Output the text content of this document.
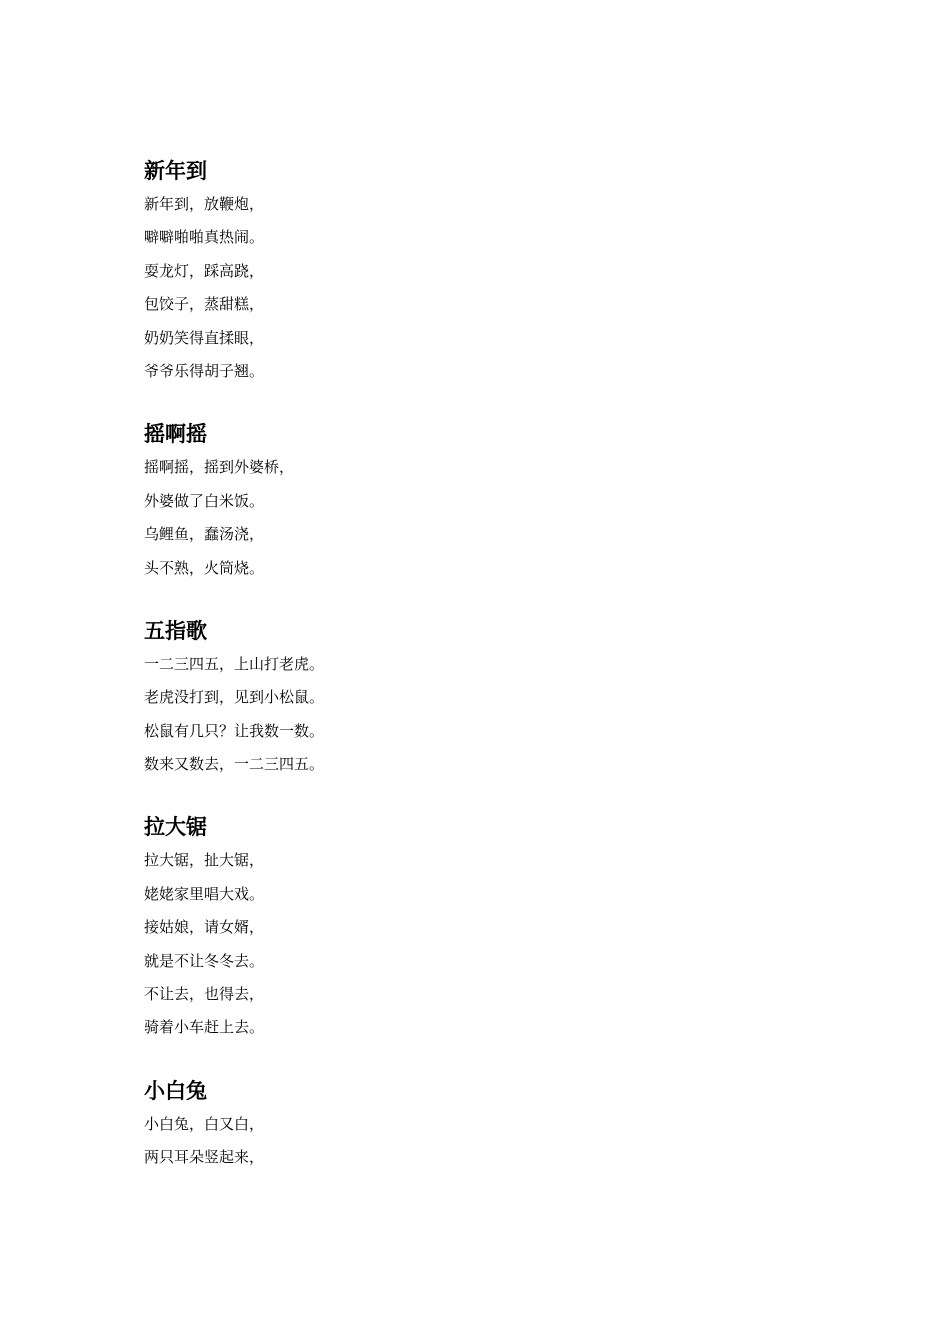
新年到

新年到，放鞭炮，

噼噼啪啪真热闹。

耍龙灯，踩高跷，

包饺子，蒸甜糕，

奶奶笑得直揉眼，

爷爷乐得胡子翘。

摇啊摇

摇啊摇，摇到外婆桥，

外婆做了白米饭。

乌鲤鱼，蠢汤浇，

头不熟，火筒烧。

五指歌

一二三四五，上山打老虎。

老虎没打到，见到小松鼠。

松鼠有几只？让我数一数。

数来又数去，一二三四五。

拉大锯

拉大锯，扯大锯，

姥姥家里唱大戏。

接姑娘，请女婿，

就是不让冬冬去。

不让去，也得去，

骑着小车赶上去。

小白兔

小白兔，白又白，

两只耳朵竖起来，
